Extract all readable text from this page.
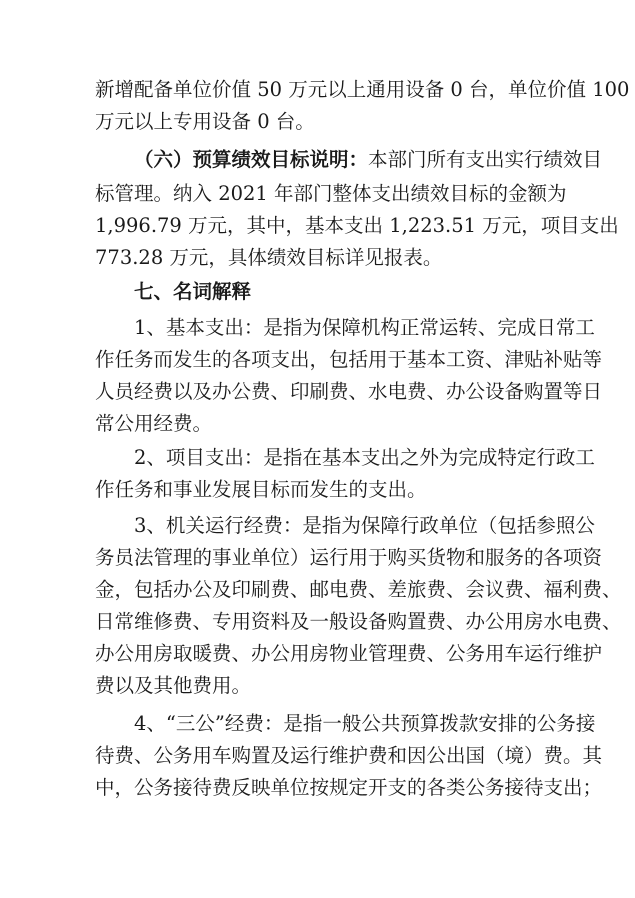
新增配备单位价值 50 万元以上通用设备 0 台，单位价值 100
万元以上专用设备 0 台。
（六）预算绩效目标说明：本部门所有支出实行绩效目
标管理。纳入 2021 年部门整体支出绩效目标的金额为
1,996.79 万元，其中，基本支出 1,223.51 万元，项目支出
773.28 万元，具体绩效目标详见报表。
七、名词解释
1、基本支出：是指为保障机构正常运转、完成日常工
作任务而发生的各项支出，包括用于基本工资、津贴补贴等
人员经费以及办公费、印刷费、水电费、办公设备购置等日
常公用经费。
2、项目支出：是指在基本支出之外为完成特定行政工
作任务和事业发展目标而发生的支出。
3、机关运行经费：是指为保障行政单位（包括参照公
务员法管理的事业单位）运行用于购买货物和服务的各项资
金，包括办公及印刷费、邮电费、差旅费、会议费、福利费、
日常维修费、专用资料及一般设备购置费、办公用房水电费、
办公用房取暖费、办公用房物业管理费、公务用车运行维护
费以及其他费用。
4、“三公”经费：是指一般公共预算拨款安排的公务接
待费、公务用车购置及运行维护费和因公出国（境）费。其
中，公务接待费反映单位按规定开支的各类公务接待支出；
